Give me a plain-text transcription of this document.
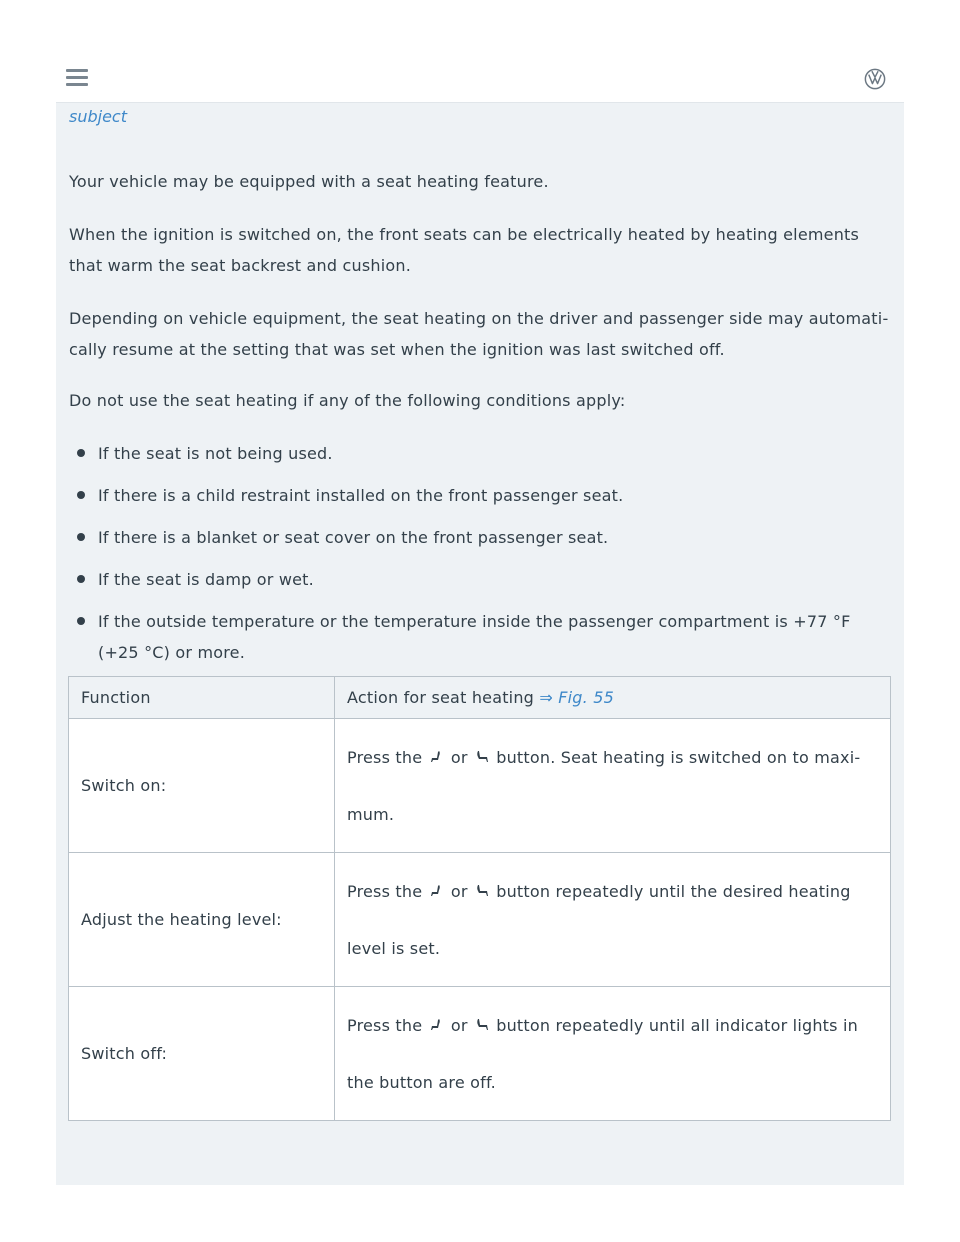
subject

Your vehicle may be equipped with a seat heating feature.

When the ignition is switched on, the front seats can be electrically heated by heating elements that warm the seat backrest and cushion.

Depending on vehicle equipment, the seat heating on the driver and passenger side may automatically resume at the setting that was set when the ignition was last switched off.

Do not use the seat heating if any of the following conditions apply:

If the seat is not being used.
If there is a child restraint installed on the front passenger seat.
If there is a blanket or seat cover on the front passenger seat.
If the seat is damp or wet.
If the outside temperature or the temperature inside the passenger compartment is +77 °F (+25 °C) or more.
Function	Action for seat heating ⇒ Fig. 55
Switch on:	Press the or button. Seat heating is switched on to maximum.

Adjust the heating level:	Press the or button repeatedly until the desired heating level is set.

Switch off:	Press the or button repeatedly until all indicator lights in the button are off.
